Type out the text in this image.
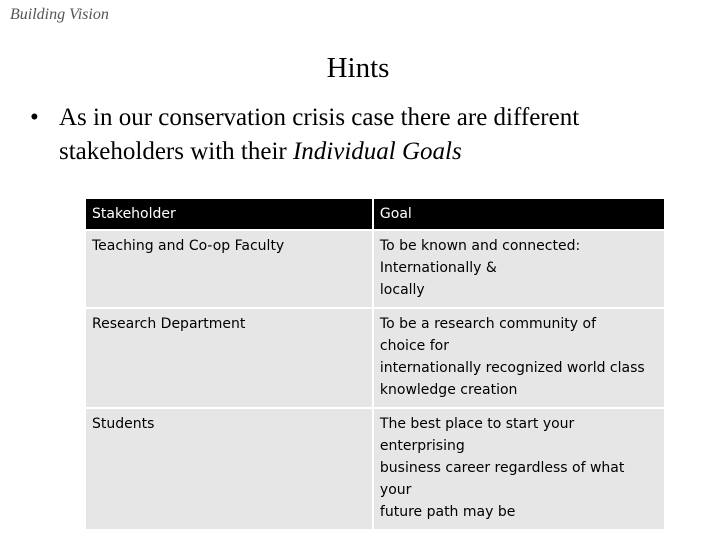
Building Vision
Hints
• As in our conservation crisis case there are different stakeholders with their Individual Goals
Stakeholder	Goal
Teaching and Co-op Faculty	To be known and connected:
Internationally &
locally

Research Department	To be a research community of
choice for
internationally recognized world class
knowledge creation

Students	The best place to start your
enterprising
business career regardless of what
your
future path may be
